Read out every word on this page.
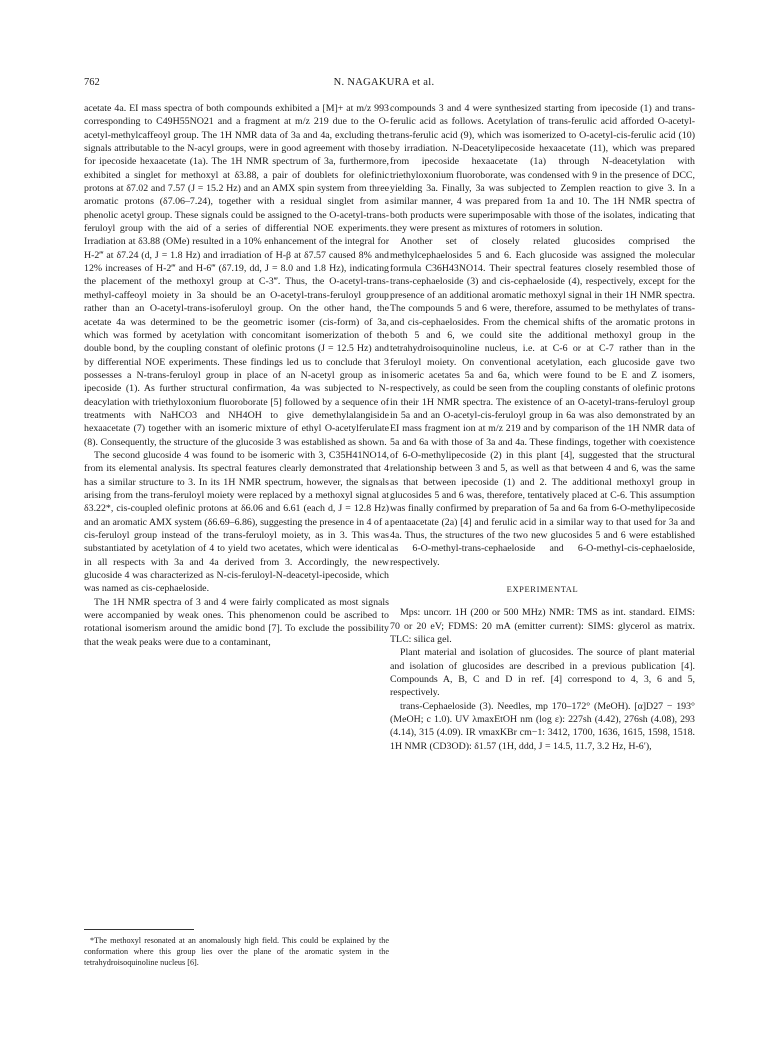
762	N. NAGAKURA et al.

acetate 4a. EI mass spectra of both compounds exhibited a [M]+ at m/z 993 corresponding to C49H55NO21 and a fragment at m/z 219 due to the O-acetyl-methylcaffeoyl group. The 1H NMR data of 3a and 4a, excluding the signals attributable to the N-acyl groups, were in good agreement with those for ipecoside hexaacetate (1a). The 1H NMR spectrum of 3a, furthermore, exhibited a singlet for methoxyl at δ3.88, a pair of doublets for olefinic protons at δ7.02 and 7.57 (J = 15.2 Hz) and an AMX spin system from three aromatic protons (δ7.06–7.24), together with a residual singlet from a phenolic acetyl group. These signals could be assigned to the O-acetyl-trans-feruloyl group with the aid of a series of differential NOE experiments. Irradiation at δ3.88 (OMe) resulted in a 10% enhancement of the integral for H-2‴ at δ7.24 (d, J = 1.8 Hz) and irradiation of H-β at δ7.57 caused 8% and 12% increases of H-2‴ and H-6‴ (δ7.19, dd, J = 8.0 and 1.8 Hz), indicating the placement of the methoxyl group at C-3‴. Thus, the O-acetyl-trans-methyl-caffeoyl moiety in 3a should be an O-acetyl-trans-feruloyl group rather than an O-acetyl-trans-isoferuloyl group. On the other hand, the acetate 4a was determined to be the geometric isomer (cis-form) of 3a, which was formed by acetylation with concomitant isomerization of the double bond, by the coupling constant of olefinic protons (J = 12.5 Hz) and by differential NOE experiments. These findings led us to conclude that 3 possesses a N-trans-feruloyl group in place of an N-acetyl group as in ipecoside (1). As further structural confirmation, 4a was subjected to N-deacylation with triethyloxonium fluoroborate [5] followed by a sequence of treatments with NaHCO3 and NH4OH to give demethylalangiside hexaacetate (7) together with an isomeric mixture of ethyl O-acetylferulate (8). Consequently, the structure of the glucoside 3 was established as shown.

The second glucoside 4 was found to be isomeric with 3, C35H41NO14, from its elemental analysis. Its spectral features clearly demonstrated that 4 has a similar structure to 3. In its 1H NMR spectrum, however, the signals arising from the trans-feruloyl moiety were replaced by a methoxyl signal at δ3.22*, cis-coupled olefinic protons at δ6.06 and 6.61 (each d, J = 12.8 Hz) and an aromatic AMX system (δ6.69–6.86), suggesting the presence in 4 of a cis-feruloyl group instead of the trans-feruloyl moiety, as in 3. This was substantiated by acetylation of 4 to yield two acetates, which were identical in all respects with 3a and 4a derived from 3. Accordingly, the new glucoside 4 was characterized as N-cis-feruloyl-N-deacetyl-ipecoside, which was named as cis-cephaeloside.

The 1H NMR spectra of 3 and 4 were fairly complicated as most signals were accompanied by weak ones. This phenomenon could be ascribed to rotational isomerism around the amidic bond [7]. To exclude the possibility that the weak peaks were due to a contaminant,

*The methoxyl resonated at an anomalously high field. This could be explained by the conformation where this group lies over the plane of the aromatic system in the tetrahydroisoquinoline nucleus [6].

compounds 3 and 4 were synthesized starting from ipecoside (1) and trans-ferulic acid as follows. Acetylation of trans-ferulic acid afforded O-acetyl-trans-ferulic acid (9), which was isomerized to O-acetyl-cis-ferulic acid (10) by irradiation. N-Deacetylipecoside hexaacetate (11), which was prepared from ipecoside hexaacetate (1a) through N-deacetylation with triethyloxonium fluoroborate, was condensed with 9 in the presence of DCC, yielding 3a. Finally, 3a was subjected to Zemplen reaction to give 3. In a similar manner, 4 was prepared from 1a and 10. The 1H NMR spectra of both products were superimposable with those of the isolates, indicating that they were present as mixtures of rotomers in solution.

Another set of closely related glucosides comprised the methylcephaelosides 5 and 6. Each glucoside was assigned the molecular formula C36H43NO14. Their spectral features closely resembled those of trans-cephaeloside (3) and cis-cephaeloside (4), respectively, except for the presence of an additional aromatic methoxyl signal in their 1H NMR spectra. The compounds 5 and 6 were, therefore, assumed to be methylates of trans- and cis-cephaelosides. From the chemical shifts of the aromatic protons in both 5 and 6, we could site the additional methoxyl group in the tetrahydroisoquinoline nucleus, i.e. at C-6 or at C-7 rather than in the feruloyl moiety. On conventional acetylation, each glucoside gave two isomeric acetates 5a and 6a, which were found to be E and Z isomers, respectively, as could be seen from the coupling constants of olefinic protons in their 1H NMR spectra. The existence of an O-acetyl-trans-feruloyl group in 5a and an O-acetyl-cis-feruloyl group in 6a was also demonstrated by an EI mass fragment ion at m/z 219 and by comparison of the 1H NMR data of 5a and 6a with those of 3a and 4a. These findings, together with coexistence of 6-O-methylipecoside (2) in this plant [4], suggested that the structural relationship between 3 and 5, as well as that between 4 and 6, was the same as that between ipecoside (1) and 2. The additional methoxyl group in glucosides 5 and 6 was, therefore, tentatively placed at C-6. This assumption was finally confirmed by preparation of 5a and 6a from 6-O-methylipecoside pentaacetate (2a) [4] and ferulic acid in a similar way to that used for 3a and 4a. Thus, the structures of the two new glucosides 5 and 6 were established as 6-O-methyl-trans-cephaeloside and 6-O-methyl-cis-cephaeloside, respectively.

EXPERIMENTAL

Mps: uncorr. 1H (200 or 500 MHz) NMR: TMS as int. standard. EIMS: 70 or 20 eV; FDMS: 20 mA (emitter current): SIMS: glycerol as matrix. TLC: silica gel.

Plant material and isolation of glucosides. The source of plant material and isolation of glucosides are described in a previous publication [4]. Compounds A, B, C and D in ref. [4] correspond to 4, 3, 6 and 5, respectively.

trans-Cephaeloside (3). Needles, mp 170–172° (MeOH). [α]D27 − 193° (MeOH; c 1.0). UV λmaxEtOH nm (log ε): 227sh (4.42), 276sh (4.08), 293 (4.14), 315 (4.09). IR νmaxKBr cm−1: 3412, 1700, 1636, 1615, 1598, 1518. 1H NMR (CD3OD): δ1.57 (1H, ddd, J = 14.5, 11.7, 3.2 Hz, H-6′),
